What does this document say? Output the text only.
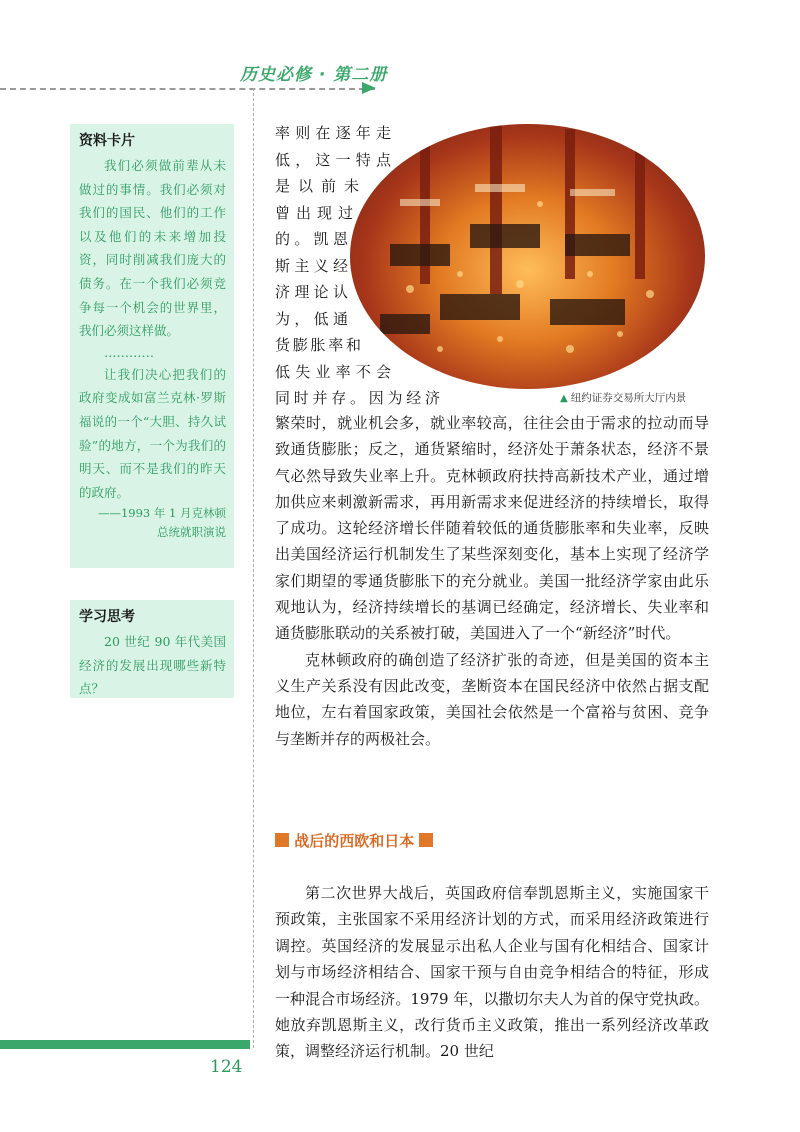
历史必修 · 第二册
资料卡片

我们必须做前辈从未做过的事情。我们必须对我们的国民、他们的工作以及他们的未来增加投资，同时削减我们庞大的债务。在一个我们必须竞争每一个机会的世界里，我们必须这样做。

…………

让我们决心把我们的政府变成如富兰克林·罗斯福说的一个“大胆、持久试验”的地方，一个为我们的明天、而不是我们的昨天的政府。

——1993 年 1 月克林顿
总统就职演说
学习思考

20 世纪 90 年代美国经济的发展出现哪些新特点？

▲ 纽约证券交易所大厅内景
率则在逐年走
低，这一特点
是以前未
曾出现过
的。凯恩
斯主义经
济理论认
为，低通
货膨胀率和
低失业率不会
同时并存。因为经济

繁荣时，就业机会多，就业率较高，往往会由于需求的拉动而导致通货膨胀；反之，通货紧缩时，经济处于萧条状态，经济不景气必然导致失业率上升。克林顿政府扶持高新技术产业，通过增加供应来刺激新需求，再用新需求来促进经济的持续增长，取得了成功。这轮经济增长伴随着较低的通货膨胀率和失业率，反映出美国经济运行机制发生了某些深刻变化，基本上实现了经济学家们期望的零通货膨胀下的充分就业。美国一批经济学家由此乐观地认为，经济持续增长的基调已经确定，经济增长、失业率和通货膨胀联动的关系被打破，美国进入了一个“新经济”时代。

克林顿政府的确创造了经济扩张的奇迹，但是美国的资本主义生产关系没有因此改变，垄断资本在国民经济中依然占据支配地位，左右着国家政策，美国社会依然是一个富裕与贫困、竞争与垄断并存的两极社会。

战后的西欧和日本
第二次世界大战后，英国政府信奉凯恩斯主义，实施国家干预政策，主张国家不采用经济计划的方式，而采用经济政策进行调控。英国经济的发展显示出私人企业与国有化相结合、国家计划与市场经济相结合、国家干预与自由竞争相结合的特征，形成一种混合市场经济。1979 年，以撒切尔夫人为首的保守党执政。她放弃凯恩斯主义，改行货币主义政策，推出一系列经济改革政策，调整经济运行机制。20 世纪
124
